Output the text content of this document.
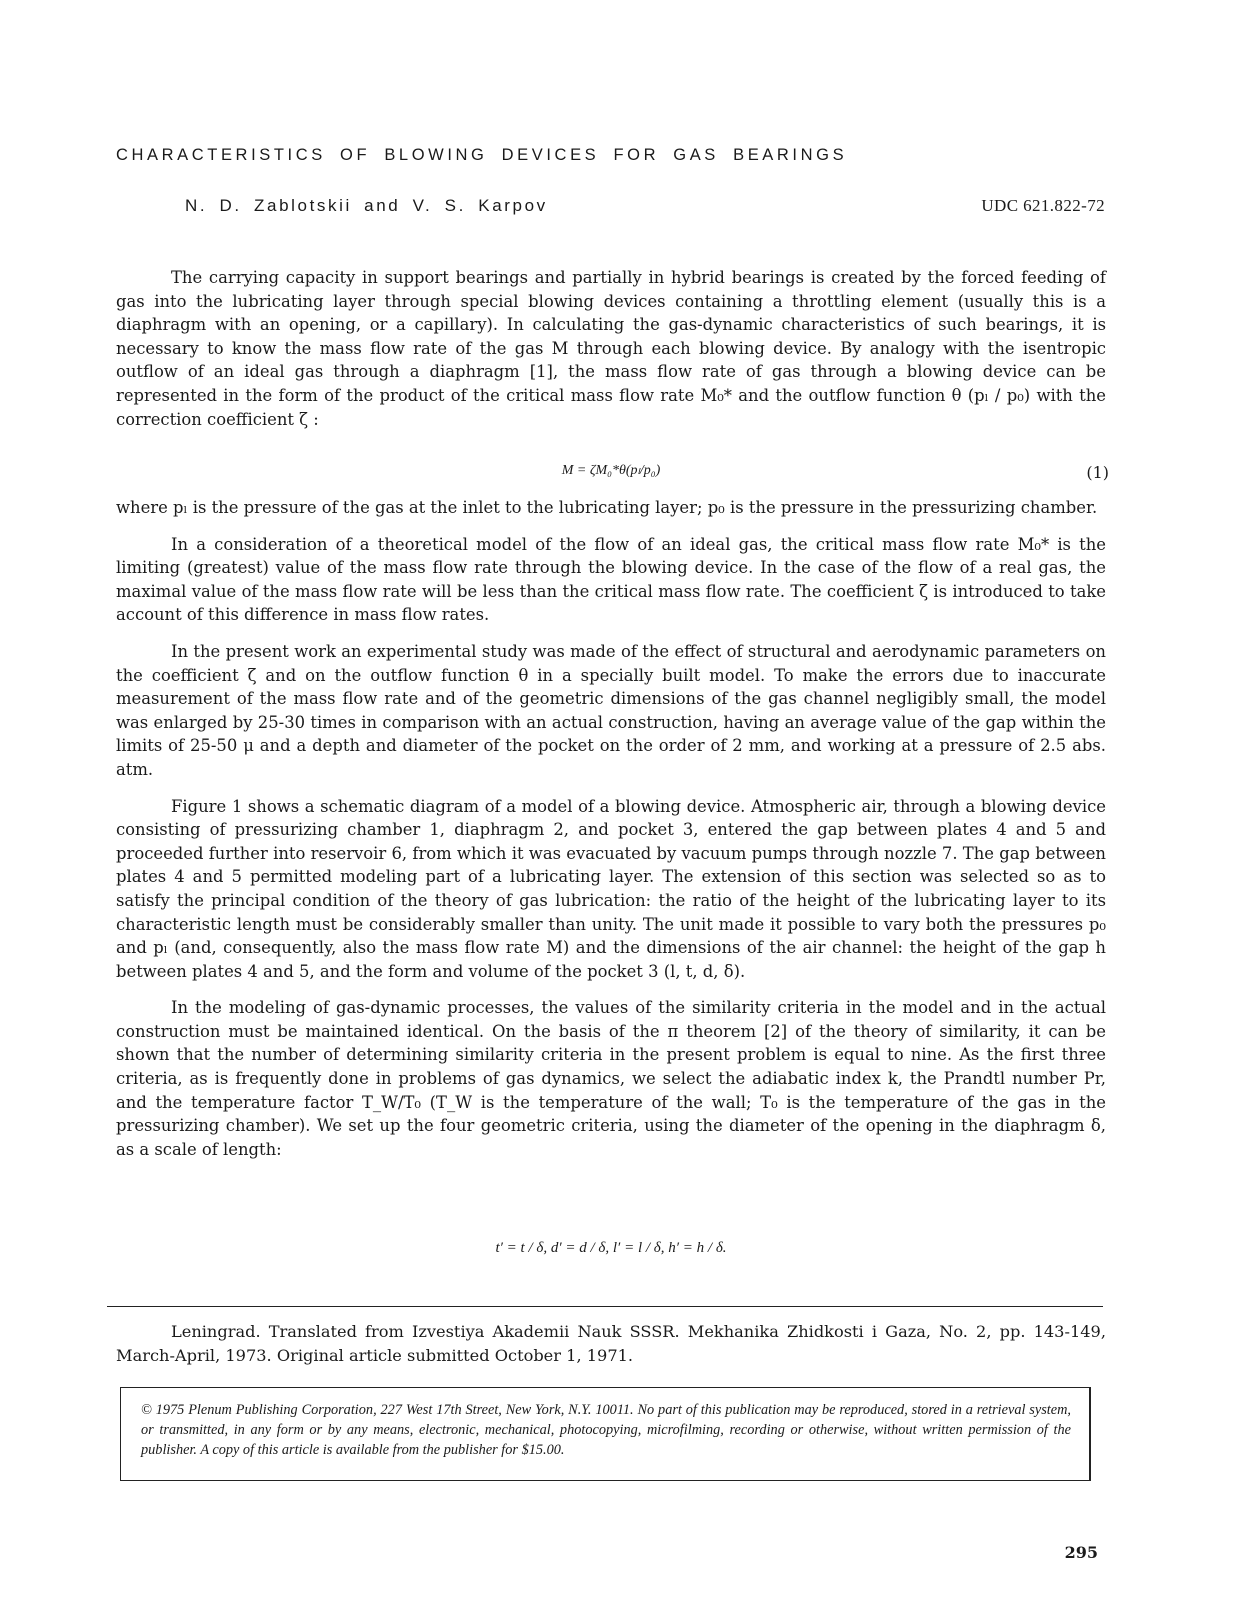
CHARACTERISTICS OF BLOWING DEVICES FOR GAS BEARINGS
N. D. Zablotskii and V. S. Karpov	UDC 621.822-72

The carrying capacity in support bearings and partially in hybrid bearings is created by the forced feeding of gas into the lubricating layer through special blowing devices containing a throttling element (usually this is a diaphragm with an opening, or a capillary). In calculating the gas-dynamic characteristics of such bearings, it is necessary to know the mass flow rate of the gas M through each blowing device. By analogy with the isentropic outflow of an ideal gas through a diaphragm [1], the mass flow rate of gas through a blowing device can be represented in the form of the product of the critical mass flow rate M₀* and the outflow function θ (pₗ / p₀) with the correction coefficient ζ :

M = ζM₀*θ(pₗ/p₀)	(1)

where pₗ is the pressure of the gas at the inlet to the lubricating layer; p₀ is the pressure in the pressurizing chamber.

In a consideration of a theoretical model of the flow of an ideal gas, the critical mass flow rate M₀* is the limiting (greatest) value of the mass flow rate through the blowing device. In the case of the flow of a real gas, the maximal value of the mass flow rate will be less than the critical mass flow rate. The coefficient ζ is introduced to take account of this difference in mass flow rates.

In the present work an experimental study was made of the effect of structural and aerodynamic parameters on the coefficient ζ and on the outflow function θ in a specially built model. To make the errors due to inaccurate measurement of the mass flow rate and of the geometric dimensions of the gas channel negligibly small, the model was enlarged by 25-30 times in comparison with an actual construction, having an average value of the gap within the limits of 25-50 μ and a depth and diameter of the pocket on the order of 2 mm, and working at a pressure of 2.5 abs. atm.

Figure 1 shows a schematic diagram of a model of a blowing device. Atmospheric air, through a blowing device consisting of pressurizing chamber 1, diaphragm 2, and pocket 3, entered the gap between plates 4 and 5 and proceeded further into reservoir 6, from which it was evacuated by vacuum pumps through nozzle 7. The gap between plates 4 and 5 permitted modeling part of a lubricating layer. The extension of this section was selected so as to satisfy the principal condition of the theory of gas lubrication: the ratio of the height of the lubricating layer to its characteristic length must be considerably smaller than unity. The unit made it possible to vary both the pressures p₀ and pₗ (and, consequently, also the mass flow rate M) and the dimensions of the air channel: the height of the gap h between plates 4 and 5, and the form and volume of the pocket 3 (l, t, d, δ).

In the modeling of gas-dynamic processes, the values of the similarity criteria in the model and in the actual construction must be maintained identical. On the basis of the π theorem [2] of the theory of similarity, it can be shown that the number of determining similarity criteria in the present problem is equal to nine. As the first three criteria, as is frequently done in problems of gas dynamics, we select the adiabatic index k, the Prandtl number Pr, and the temperature factor T_W/T₀ (T_W is the temperature of the wall; T₀ is the temperature of the gas in the pressurizing chamber). We set up the four geometric criteria, using the diameter of the opening in the diaphragm δ, as a scale of length:

t′ = t / δ, d′ = d / δ, l′ = l / δ, h′ = h / δ.

Leningrad. Translated from Izvestiya Akademii Nauk SSSR. Mekhanika Zhidkosti i Gaza, No. 2, pp. 143-149, March-April, 1973. Original article submitted October 1, 1971.

© 1975 Plenum Publishing Corporation, 227 West 17th Street, New York, N.Y. 10011. No part of this publication may be reproduced, stored in a retrieval system, or transmitted, in any form or by any means, electronic, mechanical, photocopying, microfilming, recording or otherwise, without written permission of the publisher. A copy of this article is available from the publisher for $15.00.
295
